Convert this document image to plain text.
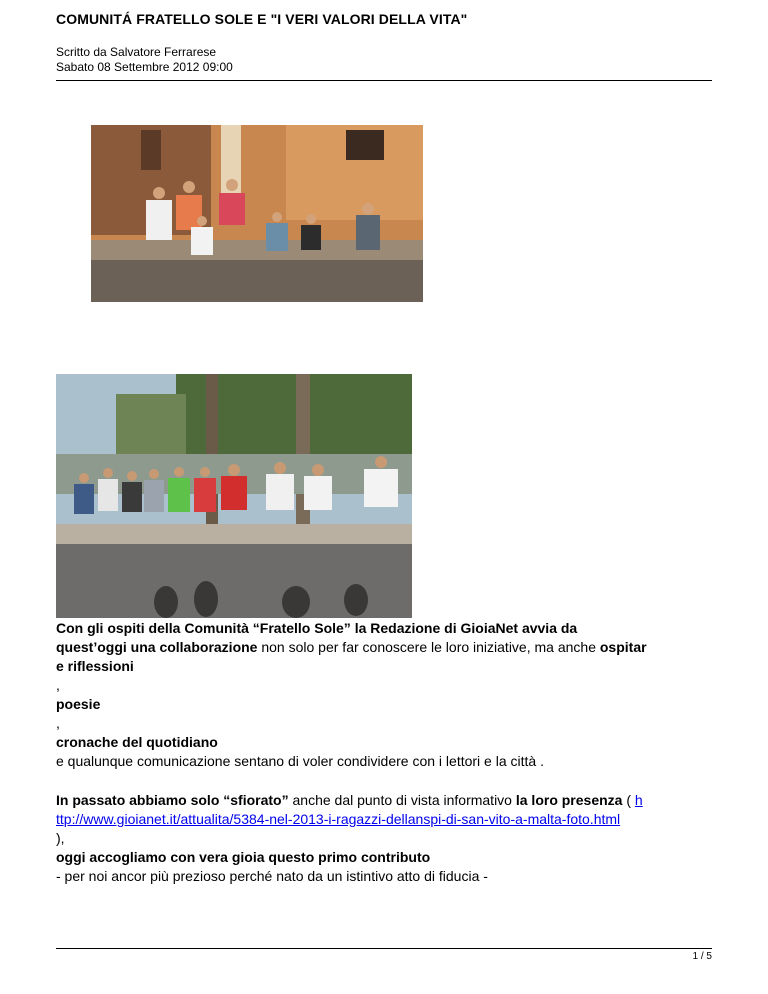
COMUNITÁ FRATELLO SOLE E "I VERI VALORI DELLA VITA"
Scritto da Salvatore Ferrarese
Sabato 08 Settembre 2012 09:00

Con gli ospiti della Comunità “Fratello Sole” la Redazione di GioiaNet avvia da

quest’oggi una collaborazione non solo per far conoscere le loro iniziative, ma anche ospitar

e riflessioni

,

poesie

,

cronache del quotidiano

e qualunque comunicazione sentano di voler condividere con i lettori e la città .

In passato abbiamo solo “sfiorato” anche dal punto di vista informativo la loro presenza ( h

ttp://www.gioianet.it/attualita/5384-nel-2013-i-ragazzi-dellanspi-di-san-vito-a-malta-foto.html

),

oggi accogliamo con vera gioia questo primo contributo

- per noi ancor più prezioso perché nato da un istintivo atto di fiducia -

1 / 5
